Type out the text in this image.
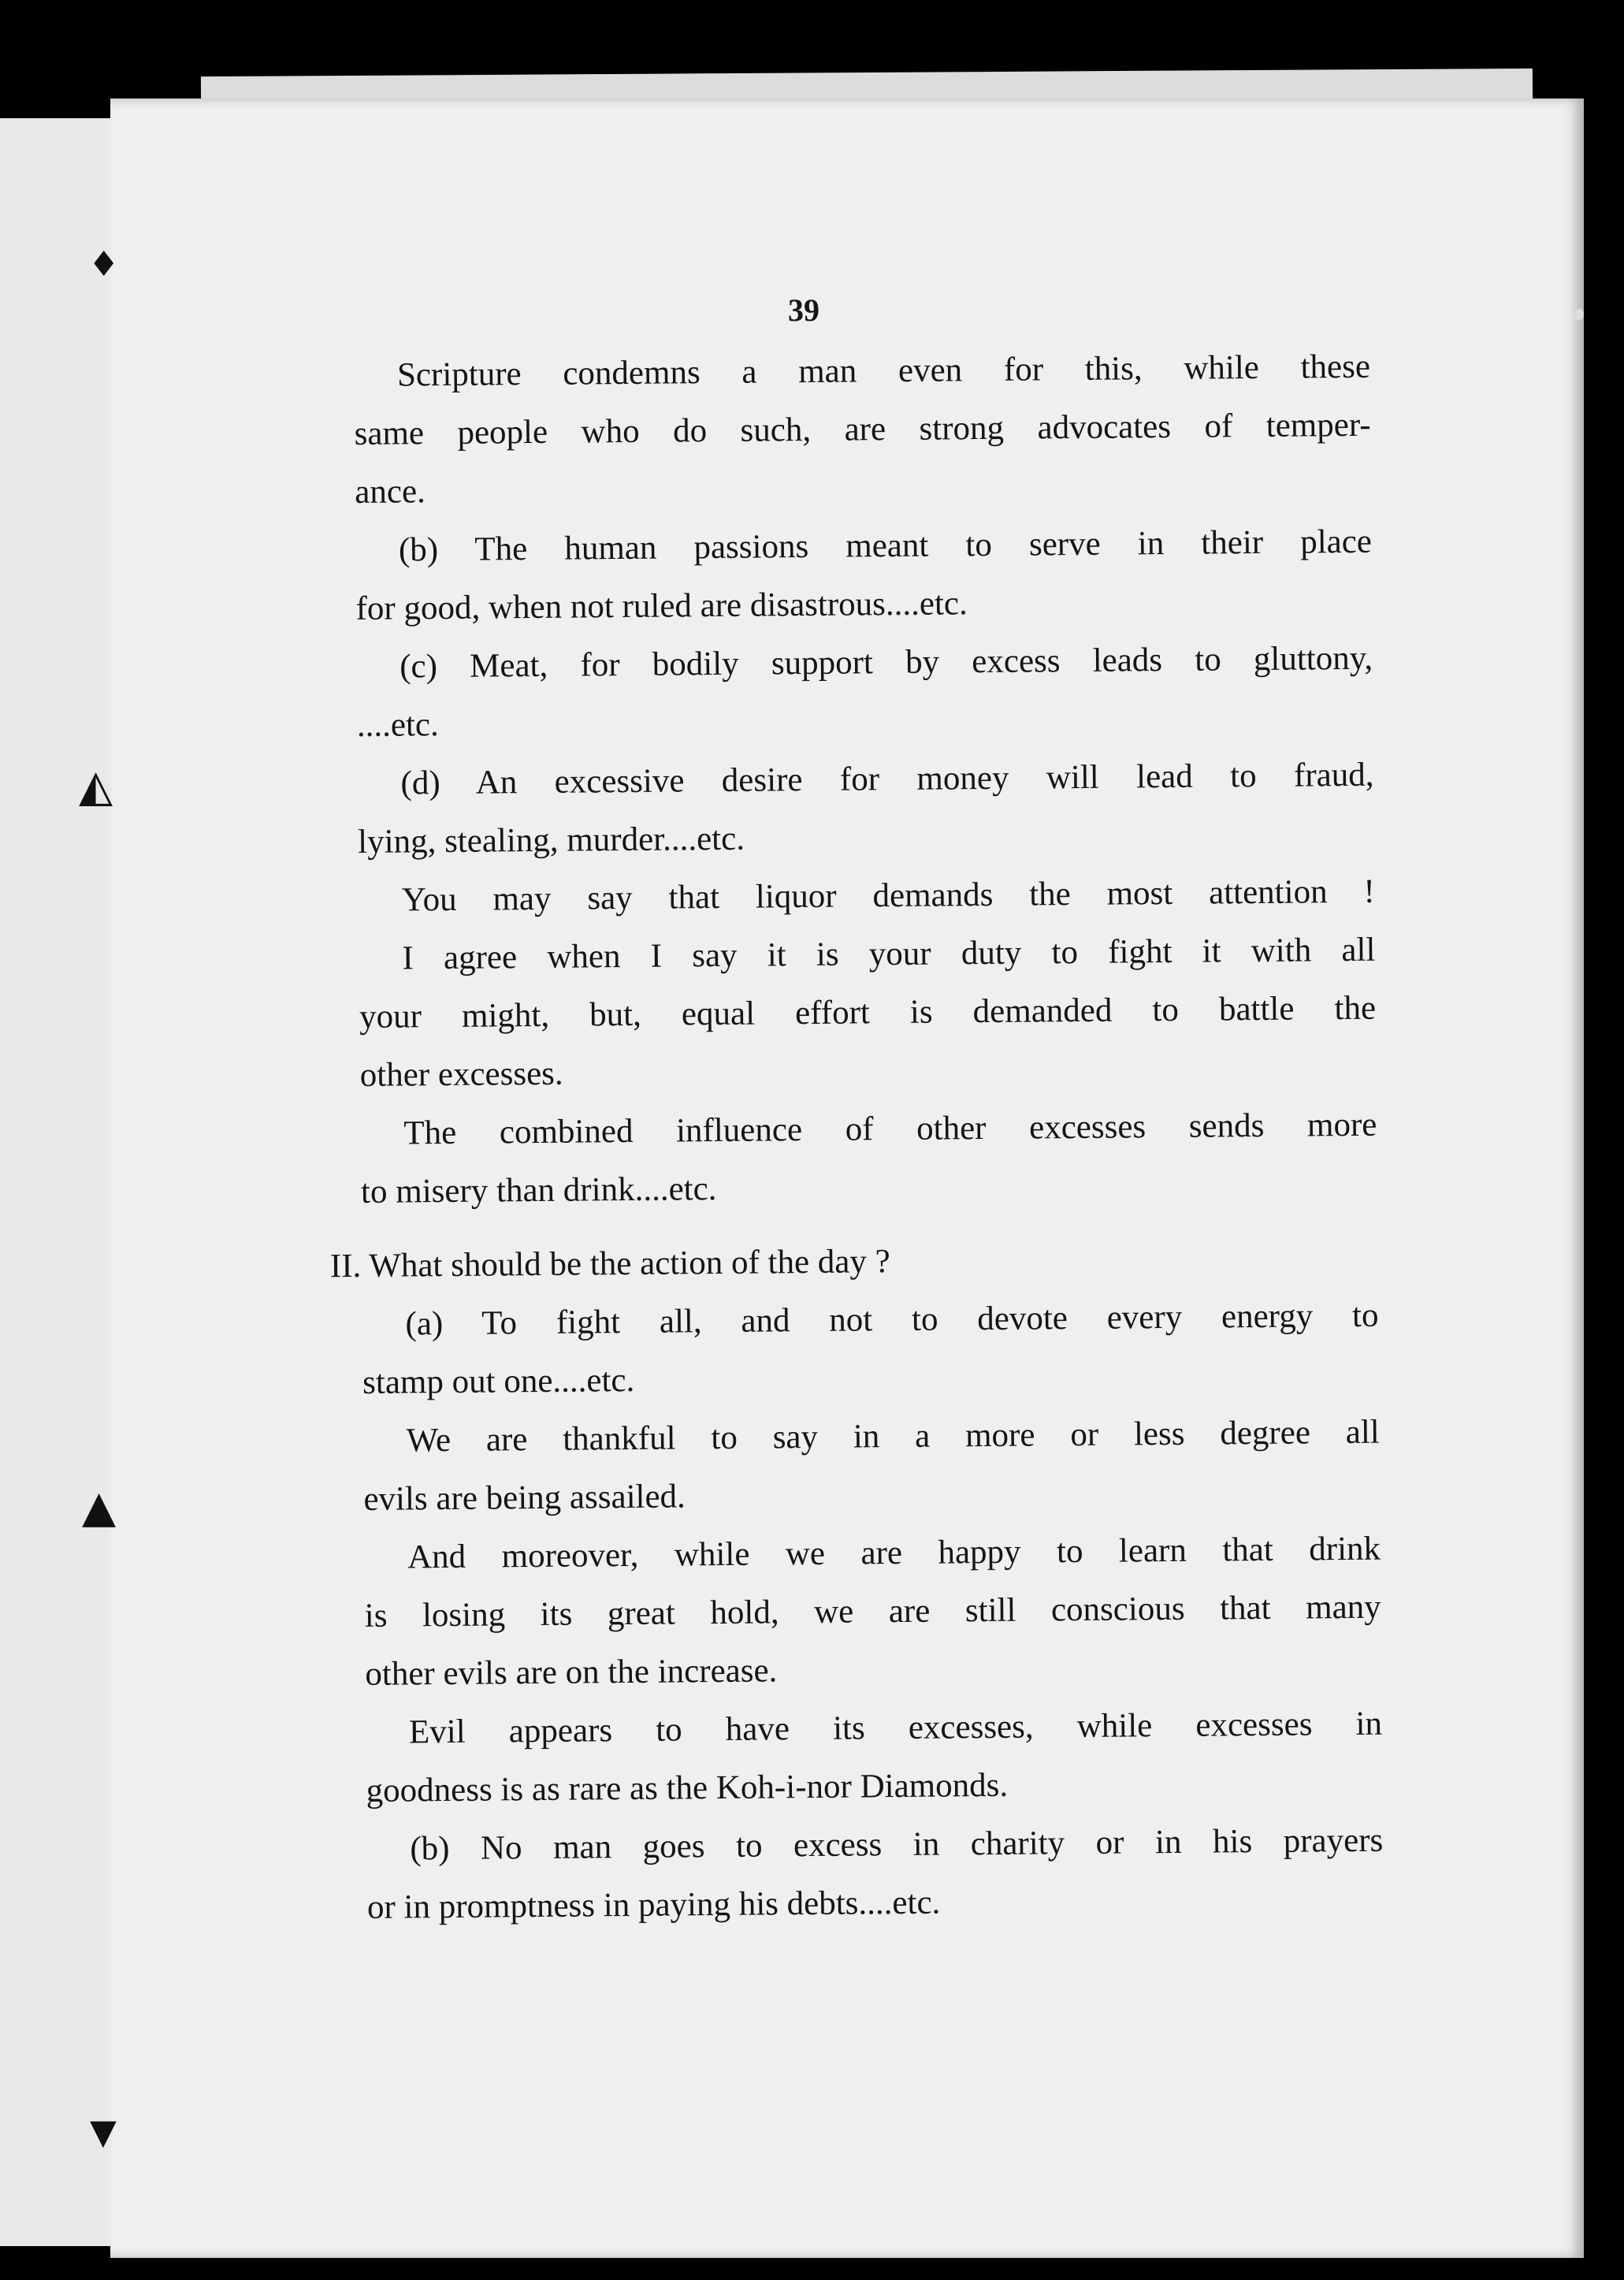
♦
◭
▲
▼
39
Scripture condemns a man even for this, while these
same people who do such, are strong advocates of temper-
ance.
(b) The human passions meant to serve in their place
for good, when not ruled are disastrous....etc.
(c) Meat, for bodily support by excess leads to gluttony,
....etc.
(d) An excessive desire for money will lead to fraud,
lying, stealing, murder....etc.
You may say that liquor demands the most attention !
I agree when I say it is your duty to fight it with all
your might, but, equal effort is demanded to battle the
other excesses.
The combined influence of other excesses sends more
to misery than drink....etc.
II. What should be the action of the day ?
(a) To fight all, and not to devote every energy to
stamp out one....etc.
We are thankful to say in a more or less degree all
evils are being assailed.
And moreover, while we are happy to learn that drink
is losing its great hold, we are still conscious that many
other evils are on the increase.
Evil appears to have its excesses, while excesses in
goodness is as rare as the Koh-i-nor Diamonds.
(b) No man goes to excess in charity or in his prayers
or in promptness in paying his debts....etc.
